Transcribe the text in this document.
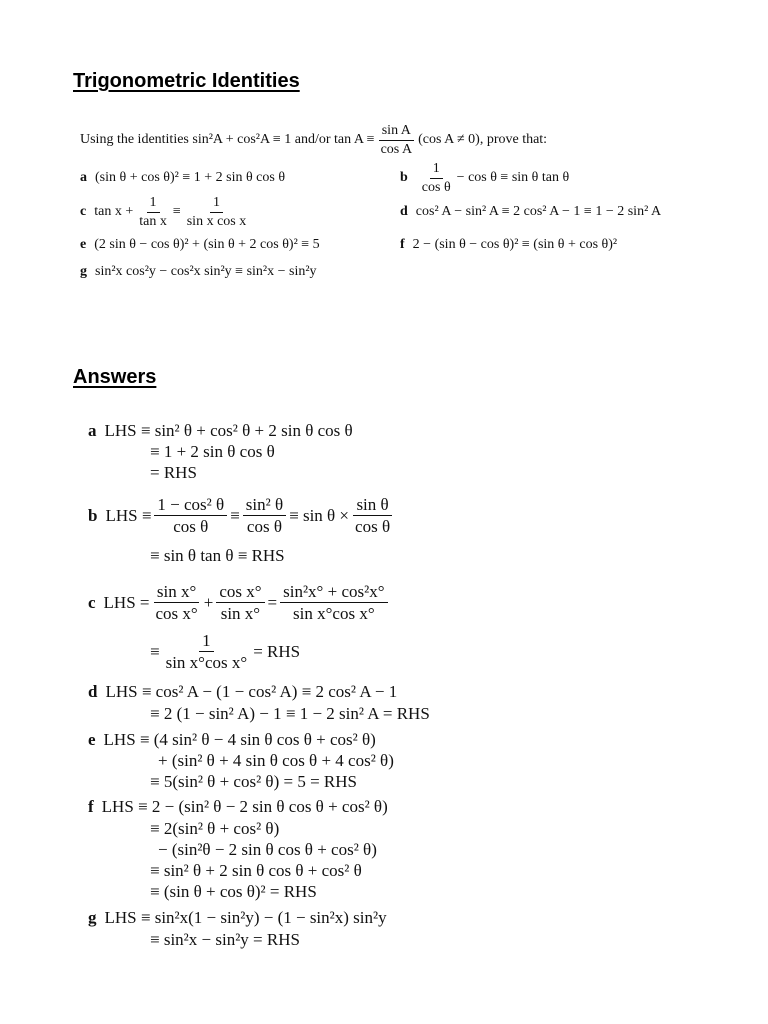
Trigonometric Identities
Using the identities sin²A + cos²A ≡ 1 and/or $\tan A \equiv \frac{\text{sin A}}{\text{cos A}} (\cos$ A ≠ 0), prove that:
a (sin θ + cos θ)² ≡ 1 + 2 sin θ cos θ	b $\frac{1}{\text{cos θ}} - \cos \theta \equiv \sin \theta$ tan θ
c $\tan x + \frac{1}{\text{tan x}} \equiv \frac{1}{\text{sin x cos x}}$	d cos² A − sin² A ≡ 2 cos² A − 1 ≡ 1 − 2 sin² A
e (2 sin θ − cos θ)² + (sin θ + 2 cos θ)² ≡ 5	f 2 − (sin θ − cos θ)² ≡ (sin θ + cos θ)²
g sin²x cos²y − cos²x sin²y ≡ sin²x − sin²y
Answers
a LHS ≡ sin² θ + cos² θ + 2 sin θ cos θ
≡ 1 + 2 sin θ cos θ
= RHS
b LHS ≡ $\frac{\text{1 − cos² θ}}{\text{cos θ}} \equiv \frac{\text{sin² θ}}{\text{cos θ}} \equiv \sin \theta \times \frac{\text{sin θ}}{\text{cos θ}}$
≡ sin θ tan θ ≡ RHS
c LHS = $\frac{\text{sin x°}}{\text{cos x°}} + \frac{\text{cos x°}}{\text{sin x°}} = \frac{\text{sin²x° + cos²x°}}{\text{sin x°cos x°}}$
≡ $\frac{1}{\text{sin x°cos x°}}$ = RHS
d LHS ≡ cos² A − (1 − cos² A) ≡ 2 cos² A − 1
≡ 2 (1 − sin² A) − 1 ≡ 1 − 2 sin² A = RHS
e LHS ≡ (4 sin² θ − 4 sin θ cos θ + cos² θ)
+ (sin² θ + 4 sin θ cos θ + 4 cos² θ)
≡ 5(sin² θ + cos² θ) = 5 = RHS
f LHS ≡ 2 − (sin² θ − 2 sin θ cos θ + cos² θ)
≡ 2(sin² θ + cos² θ)
− (sin²θ − 2 sin θ cos θ + cos² θ)
≡ sin² θ + 2 sin θ cos θ + cos² θ
≡ (sin θ + cos θ)² = RHS
g LHS ≡ sin²x(1 − sin²y) − (1 − sin²x) sin²y
≡ sin²x − sin²y = RHS
